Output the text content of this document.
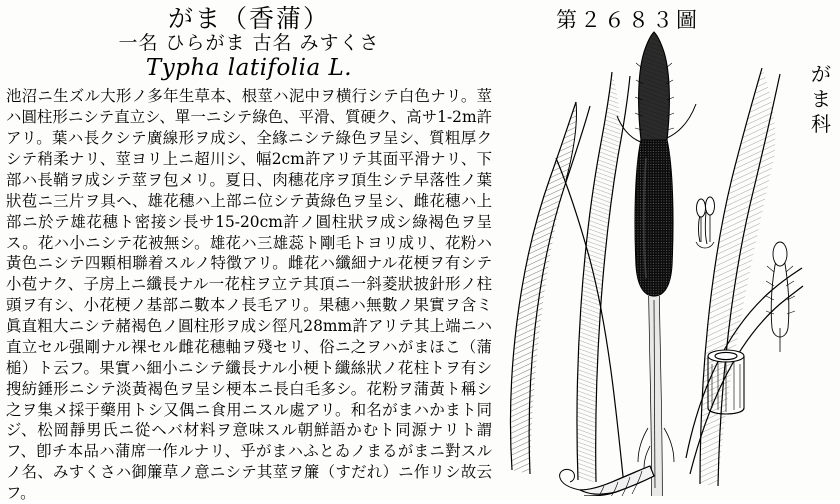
がま（香蒲）
一名 ひらがま 古名 みすくさ
Typha latifolia L.

池沼ニ生ズル大形ノ多年生草本、根莖ハ泥中ヲ横行シテ白色ナリ。莖ハ圓柱形ニシテ直立シ、單一ニシテ綠色、平滑、質硬ク、高サ1-2m許アリ。葉ハ長クシテ廣線形ヲ成シ、全緣ニシテ綠色ヲ呈シ、質粗厚クシテ稍柔ナリ、莖ヨリ上ニ超川シ、幅2cm許アリテ其面平滑ナリ、下部ハ長鞘ヲ成シテ莖ヲ包メリ。夏日、肉穗花序ヲ頂生シテ早落性ノ葉狀苞ニ三片ヲ具ヘ、雄花穗ハ上部ニ位シテ黃綠色ヲ呈シ、雌花穗ハ上部ニ於テ雄花穗ト密接シ長サ15-20cm許ノ圓柱狀ヲ成シ綠褐色ヲ呈ス。花ハ小ニシテ花被無シ。雄花ハ三雄蕊ト剛毛トヨリ成リ、花粉ハ黃色ニシテ四顆相聯着スルノ特徴アリ。雌花ハ纖細ナル花梗ヲ有シテ小苞ナク、子房上ニ纖長ナル一花柱ヲ立テ其頂ニ一斜菱狀披針形ノ柱頭ヲ有シ、小花梗ノ基部ニ數本ノ長毛アリ。果穗ハ無數ノ果實ヲ含ミ眞直粗大ニシテ赭褐色ノ圓柱形ヲ成シ徑凡28mm許アリテ其上端ニハ直立セル强剛ナル裸セル雌花穗軸ヲ殘セリ、俗ニ之ヲハがまほこ（蒲槌）ト云フ。果實ハ細小ニシテ纖長ナル小梗ト纖絲狀ノ花柱トヲ有シ搜紡錘形ニシテ淡黃褐色ヲ呈シ梗本ニ長白毛多シ。花粉ヲ蒲黃ト稱シ之ヲ集メ採于藥用トシ又偶ニ食用ニスル處アリ。和名がまハかまト同ジ、松岡靜男氏ニ從ヘバ材料ヲ意味スル朝鮮語かむト同源ナリト謂フ、卽チ本品ハ蒲席一作ルナリ、乎がまハふとゐノまるがまニ對スルノ名、みすくさハ御簾草ノ意ニシテ其莖ヲ簾（すだれ）ニ作リシ故云フ。

第２６８３圖
が
ま
科
